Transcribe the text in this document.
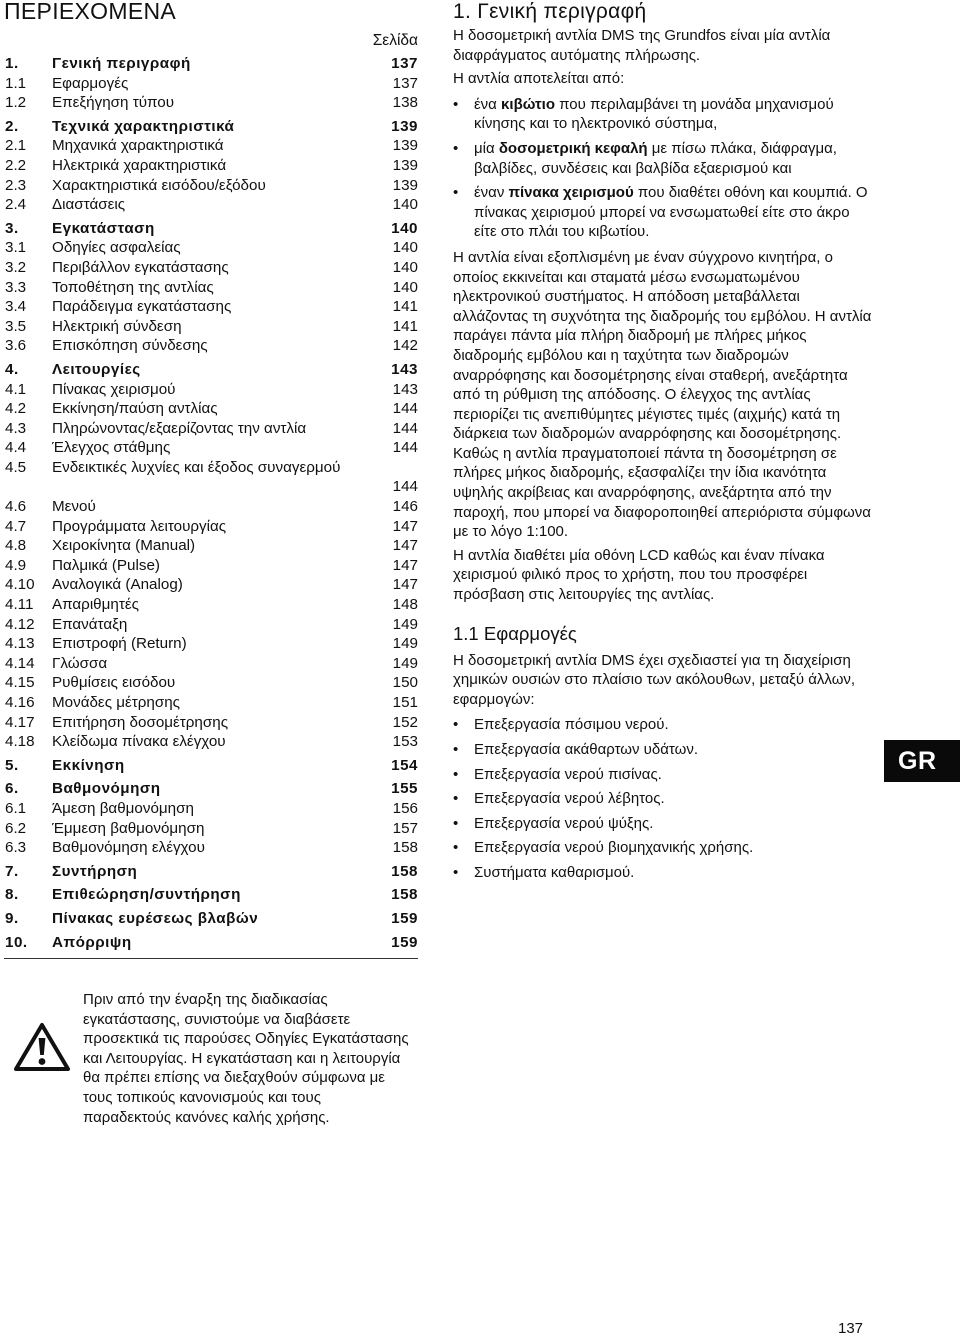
ΠΕΡΙΕΧΟΜΕΝΑ
Σελίδα
1. Γενική περιγραφή	137
1.1 Εφαρμογές	137
1.2 Επεξήγηση τύπου	138
2. Τεχνικά χαρακτηριστικά	139
2.1 Μηχανικά χαρακτηριστικά	139
2.2 Ηλεκτρικά χαρακτηριστικά	139
2.3 Χαρακτηριστικά εισόδου/εξόδου	139
2.4 Διαστάσεις	140
3. Εγκατάσταση	140
3.1 Οδηγίες ασφαλείας	140
3.2 Περιβάλλον εγκατάστασης	140
3.3 Τοποθέτηση της αντλίας	140
3.4 Παράδειγμα εγκατάστασης	141
3.5 Ηλεκτρική σύνδεση	141
3.6 Επισκόπηση σύνδεσης	142
4. Λειτουργίες	143
4.1 Πίνακας χειρισμού	143
4.2 Εκκίνηση/παύση αντλίας	144
4.3 Πληρώνοντας/εξαερίζοντας την αντλία	144
4.4 Έλεγχος στάθμης	144
4.5 Ενδεικτικές λυχνίες και έξοδος συναγερμού
144
4.6 Μενού	146
4.7 Προγράμματα λειτουργίας	147
4.8 Χειροκίνητα (Manual)	147
4.9 Παλμικά (Pulse)	147
4.10 Αναλογικά (Analog)	147
4.11 Απαριθμητές	148
4.12 Επανάταξη	149
4.13 Επιστροφή (Return)	149
4.14 Γλώσσα	149
4.15 Ρυθμίσεις εισόδου	150
4.16 Μονάδες μέτρησης	151
4.17 Επιτήρηση δοσομέτρησης	152
4.18 Κλείδωμα πίνακα ελέγχου	153
5. Εκκίνηση	154
6. Βαθμονόμηση	155
6.1 Άμεση βαθμονόμηση	156
6.2 Έμμεση βαθμονόμηση	157
6.3 Βαθμονόμηση ελέγχου	158
7. Συντήρηση	158
8. Επιθεώρηση/συντήρηση	158
9. Πίνακας ευρέσεως βλαβών	159
10. Απόρριψη	159
Πριν από την έναρξη της διαδικασίας εγκατάστασης, συνιστούμε να διαβάσετε προσεκτικά τις παρούσες Οδηγίες Εγκατάστασης και Λειτουργίας. Η εγκατάσταση και η λειτουργία θα πρέπει επίσης να διεξαχθούν σύμφωνα με τους τοπικούς κανονισμούς και τους παραδεκτούς κανόνες καλής χρήσης.
1. Γενική περιγραφή

Η δοσομετρική αντλία DMS της Grundfos είναι μία αντλία διαφράγματος αυτόματης πλήρωσης.

Η αντλία αποτελείται από:

• ένα κιβώτιο που περιλαμβάνει τη μονάδα μηχανισμού κίνησης και το ηλεκτρονικό σύστημα,
• μία δοσομετρική κεφαλή με πίσω πλάκα, διάφραγμα, βαλβίδες, συνδέσεις και βαλβίδα εξαερισμού και
• έναν πίνακα χειρισμού που διαθέτει οθόνη και κουμπιά. Ο πίνακας χειρισμού μπορεί να ενσωματωθεί είτε στο άκρο είτε στο πλάι του κιβωτίου.

Η αντλία είναι εξοπλισμένη με έναν σύγχρονο κινητήρα, ο οποίος εκκινείται και σταματά μέσω ενσωματωμένου ηλεκτρονικού συστήματος. Η απόδοση μεταβάλλεται αλλάζοντας τη συχνότητα της διαδρομής του εμβόλου. Η αντλία παράγει πάντα μία πλήρη διαδρομή με πλήρες μήκος διαδρομής εμβόλου και η ταχύτητα των διαδρομών αναρρόφησης και δοσομέτρησης είναι σταθερή, ανεξάρτητα από τη ρύθμιση της απόδοσης. Ο έλεγχος της αντλίας περιορίζει τις ανεπιθύμητες μέγιστες τιμές (αιχμής) κατά τη διάρκεια των διαδρομών αναρρόφησης και δοσομέτρησης. Καθώς η αντλία πραγματοποιεί πάντα τη δοσομέτρηση σε πλήρες μήκος διαδρομής, εξασφαλίζει την ίδια ικανότητα υψηλής ακρίβειας και αναρρόφησης, ανεξάρτητα από την παροχή, που μπορεί να διαφοροποιηθεί απεριόριστα σύμφωνα με το λόγο 1:100.

Η αντλία διαθέτει μία οθόνη LCD καθώς και έναν πίνακα χειρισμού φιλικό προς το χρήστη, που του προσφέρει πρόσβαση στις λειτουργίες της αντλίας.

1.1 Εφαρμογές

Η δοσομετρική αντλία DMS έχει σχεδιαστεί για τη διαχείριση χημικών ουσιών στο πλαίσιο των ακόλουθων, μεταξύ άλλων, εφαρμογών:

• Επεξεργασία πόσιμου νερού.
• Επεξεργασία ακάθαρτων υδάτων.
• Επεξεργασία νερού πισίνας.
• Επεξεργασία νερού λέβητος.
• Επεξεργασία νερού ψύξης.
• Επεξεργασία νερού βιομηχανικής χρήσης.
• Συστήματα καθαρισμού.
GR
137
